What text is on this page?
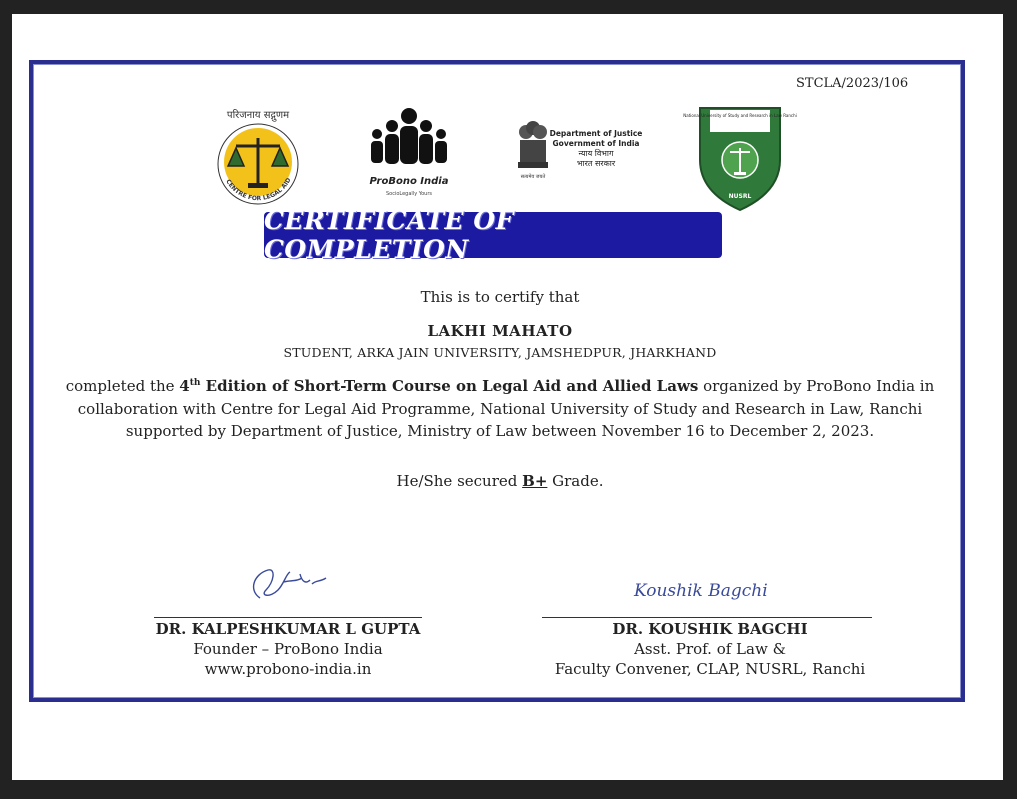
STCLA/2023/106
परिजनाय सद्गुणम
CENTRE FOR LEGAL AID	ProBono India
SocioLegally Yours
सत्यमेव जयते
Department of Justice
Government of India
न्याय विभाग
भारत सरकार
National University of Study and Research in Law Ranchi
NUSRL
CERTIFICATE OF COMPLETION
This is to certify that
LAKHI MAHATO
STUDENT, ARKA JAIN UNIVERSITY, JAMSHEDPUR, JHARKHAND
completed the 4th Edition of Short-Term Course on Legal Aid and Allied Laws organized by ProBono India in collaboration with Centre for Legal Aid Programme, National University of Study and Research in Law, Ranchi supported by Department of Justice, Ministry of Law between November 16 to December 2, 2023.
He/She secured B+ Grade.
Gupta
Koushik Bagchi
DR. KALPESHKUMAR L GUPTA
Founder – ProBono India
www.probono-india.in
DR. KOUSHIK BAGCHI
Asst. Prof. of Law &
Faculty Convener, CLAP, NUSRL, Ranchi
